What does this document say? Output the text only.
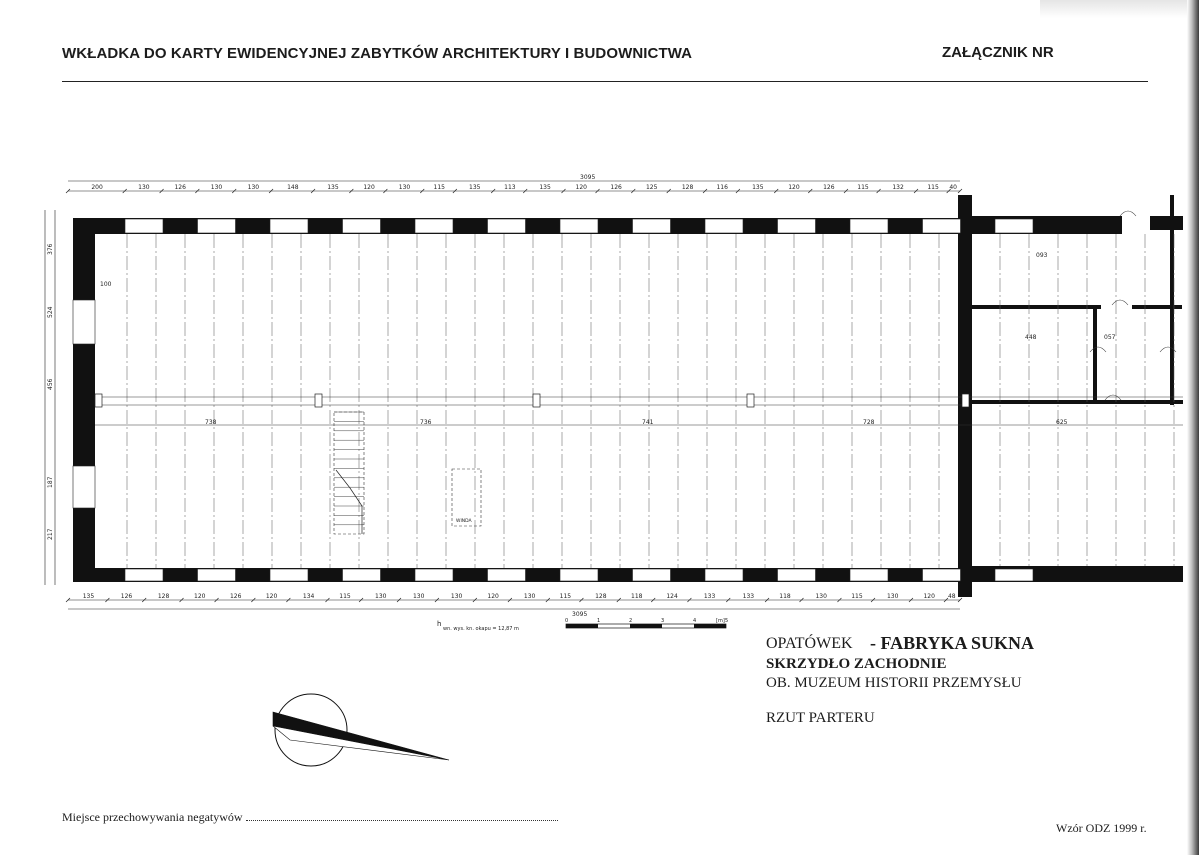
WKŁADKA DO KARTY EWIDENCYJNEJ ZABYTKÓW ARCHITEKTURY I BUDOWNICTWA	ZAŁĄCZNIK NR
WINDA
200	130	126	130	130	148	135	120	130	115	135	113	135	120	126	125	128	116	135	120	126	115	132	115 40
3095
135	126	128	120	126	120	134	115	130	130	130	120	130	115	128	118	124	133	133	118	130	115	130	120 48
3095
376
524
456
187
217
738	736	741	728	625
093
448	057
100
h
wn. wys. kn. okapu = 12,87 m
0	1	2	3	4	5
[m]
OPATÓWEK - FABRYKA SUKNA
SKRZYDŁO ZACHODNIE
OB. MUZEUM HISTORII PRZEMYSŁU
RZUT PARTERU
Miejsce przechowywania negatywów
Wzór ODZ 1999 r.
